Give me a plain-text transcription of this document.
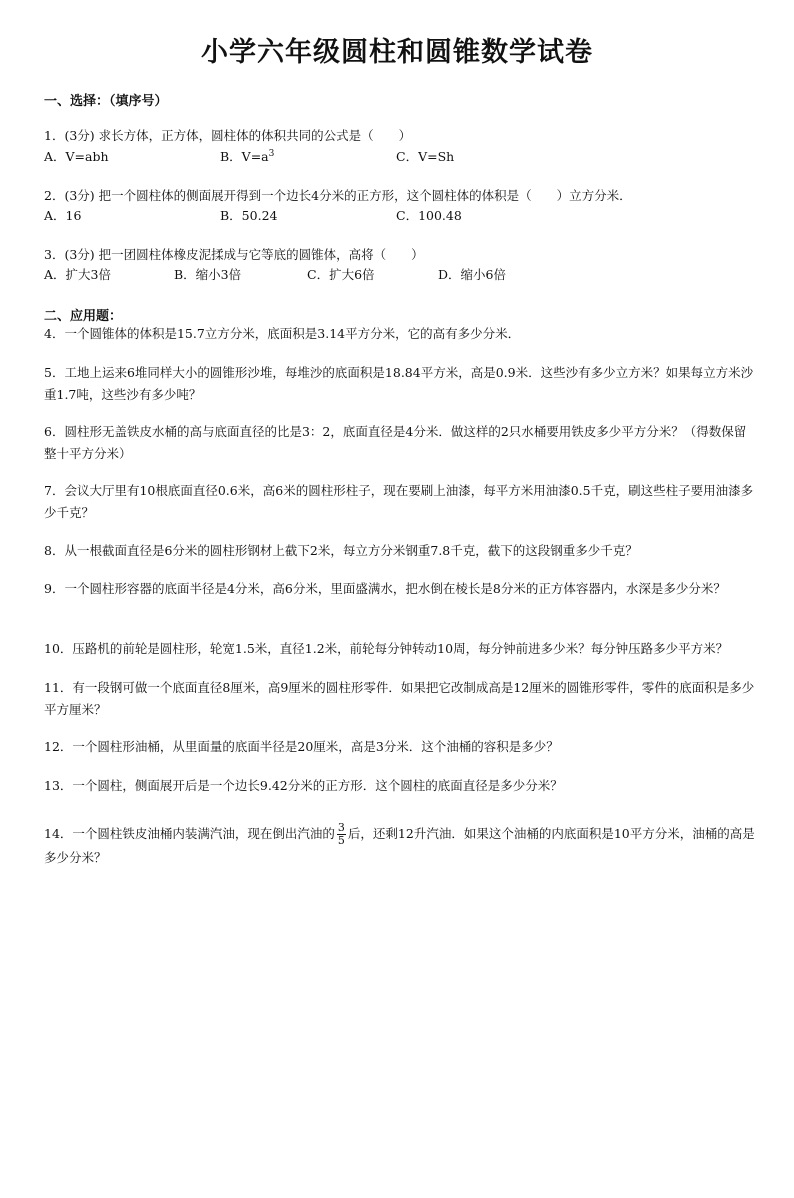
小学六年级圆柱和圆锥数学试卷
一、选择：（填序号）
1．(3分) 求长方体，正方体，圆柱体的体积共同的公式是（　　）
A．V=abh	B．$V=a^3$	C．V=Sh
2．(3分) 把一个圆柱体的侧面展开得到一个边长4分米的正方形，这个圆柱体的体积是（　　）立方分米．
A．16	B．50.24	C．100.48
3．(3分) 把一团圆柱体橡皮泥揉成与它等底的圆锥体，高将（　　）
A．扩大3倍	B．缩小3倍	C．扩大6倍	D．缩小6倍
二、应用题：
4．一个圆锥体的体积是15.7立方分米，底面积是3.14平方分米，它的高有多少分米．
5．工地上运来6堆同样大小的圆锥形沙堆，每堆沙的底面积是18.84平方米，高是0.9米．这些沙有多少立方米？如果每立方米沙重1.7吨，这些沙有多少吨？
6．圆柱形无盖铁皮水桶的高与底面直径的比是3：2，底面直径是4分米．做这样的2只水桶要用铁皮多少平方分米？（得数保留整十平方分米）
7．会议大厅里有10根底面直径0.6米，高6米的圆柱形柱子，现在要刷上油漆，每平方米用油漆0.5千克，刷这些柱子要用油漆多少千克？
8．从一根截面直径是6分米的圆柱形钢材上截下2米，每立方分米钢重7.8千克，截下的这段钢重多少千克？
9．一个圆柱形容器的底面半径是4分米，高6分米，里面盛满水，把水倒在棱长是8分米的正方体容器内，水深是多少分米？
10．压路机的前轮是圆柱形，轮宽1.5米，直径1.2米，前轮每分钟转动10周，每分钟前进多少米？每分钟压路多少平方米？
11．有一段钢可做一个底面直径8厘米，高9厘米的圆柱形零件．如果把它改制成高是12厘米的圆锥形零件，零件的底面积是多少平方厘米？
12．一个圆柱形油桶，从里面量的底面半径是20厘米，高是3分米．这个油桶的容积是多少？
13．一个圆柱，侧面展开后是一个边长9.42分米的正方形．这个圆柱的底面直径是多少分米？
14．一个圆柱铁皮油桶内装满汽油，现在倒出汽油的 $\frac{3}{5}$ 后，还剩12升汽油．如果这个油桶的内底面积是10平方分米，油桶的高是多少分米？
